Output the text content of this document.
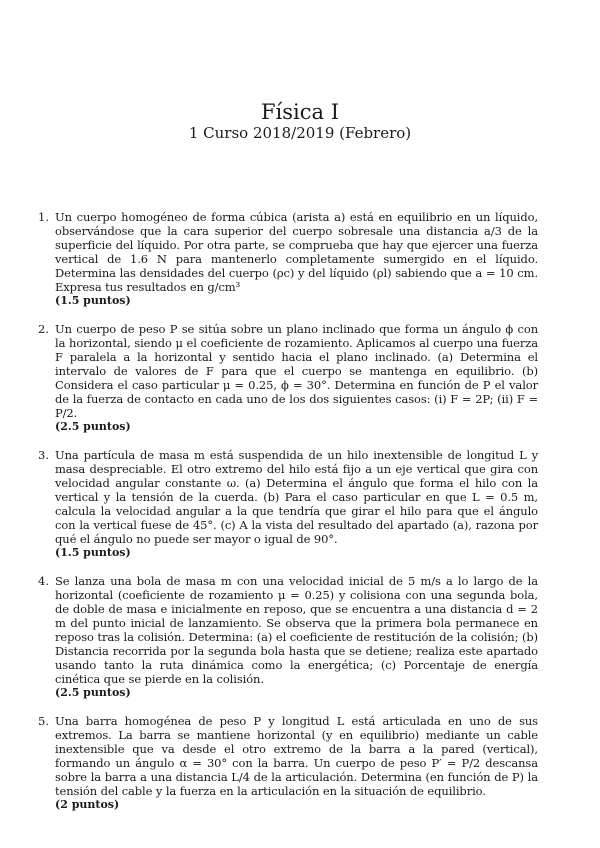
Física I
1 Curso 2018/2019 (Febrero)
1. Un cuerpo homogéneo de forma cúbica (arista a) está en equilibrio en un líquido, observándose que la cara superior del cuerpo sobresale una distancia a/3 de la superficie del líquido. Por otra parte, se comprueba que hay que ejercer una fuerza vertical de 1.6 N para mantenerlo completamente sumergido en el líquido. Determina las densidades del cuerpo (ρc) y del líquido (ρl) sabiendo que a = 10 cm. Expresa tus resultados en g/cm³
(1.5 puntos)
2. Un cuerpo de peso P se sitúa sobre un plano inclinado que forma un ángulo ϕ con la horizontal, siendo μ el coeficiente de rozamiento. Aplicamos al cuerpo una fuerza F paralela a la horizontal y sentido hacia el plano inclinado. (a) Determina el intervalo de valores de F para que el cuerpo se mantenga en equilibrio. (b) Considera el caso particular μ = 0.25, ϕ = 30°. Determina en función de P el valor de la fuerza de contacto en cada uno de los dos siguientes casos: (i) F = 2P; (ii) F = P/2.
(2.5 puntos)
3. Una partícula de masa m está suspendida de un hilo inextensible de longitud L y masa despreciable. El otro extremo del hilo está fijo a un eje vertical que gira con velocidad angular constante ω. (a) Determina el ángulo que forma el hilo con la vertical y la tensión de la cuerda. (b) Para el caso particular en que L = 0.5 m, calcula la velocidad angular a la que tendría que girar el hilo para que el ángulo con la vertical fuese de 45°. (c) A la vista del resultado del apartado (a), razona por qué el ángulo no puede ser mayor o igual de 90°.
(1.5 puntos)
4. Se lanza una bola de masa m con una velocidad inicial de 5 m/s a lo largo de la horizontal (coeficiente de rozamiento μ = 0.25) y colisiona con una segunda bola, de doble de masa e inicialmente en reposo, que se encuentra a una distancia d = 2 m del punto inicial de lanzamiento. Se observa que la primera bola permanece en reposo tras la colisión. Determina: (a) el coeficiente de restitución de la colisión; (b) Distancia recorrida por la segunda bola hasta que se detiene; realiza este apartado usando tanto la ruta dinámica como la energética; (c) Porcentaje de energía cinética que se pierde en la colisión.
(2.5 puntos)
5. Una barra homogénea de peso P y longitud L está articulada en uno de sus extremos. La barra se mantiene horizontal (y en equilibrio) mediante un cable inextensible que va desde el otro extremo de la barra a la pared (vertical), formando un ángulo α = 30° con la barra. Un cuerpo de peso P′ = P/2 descansa sobre la barra a una distancia L/4 de la articulación. Determina (en función de P) la tensión del cable y la fuerza en la articulación en la situación de equilibrio.
(2 puntos)
